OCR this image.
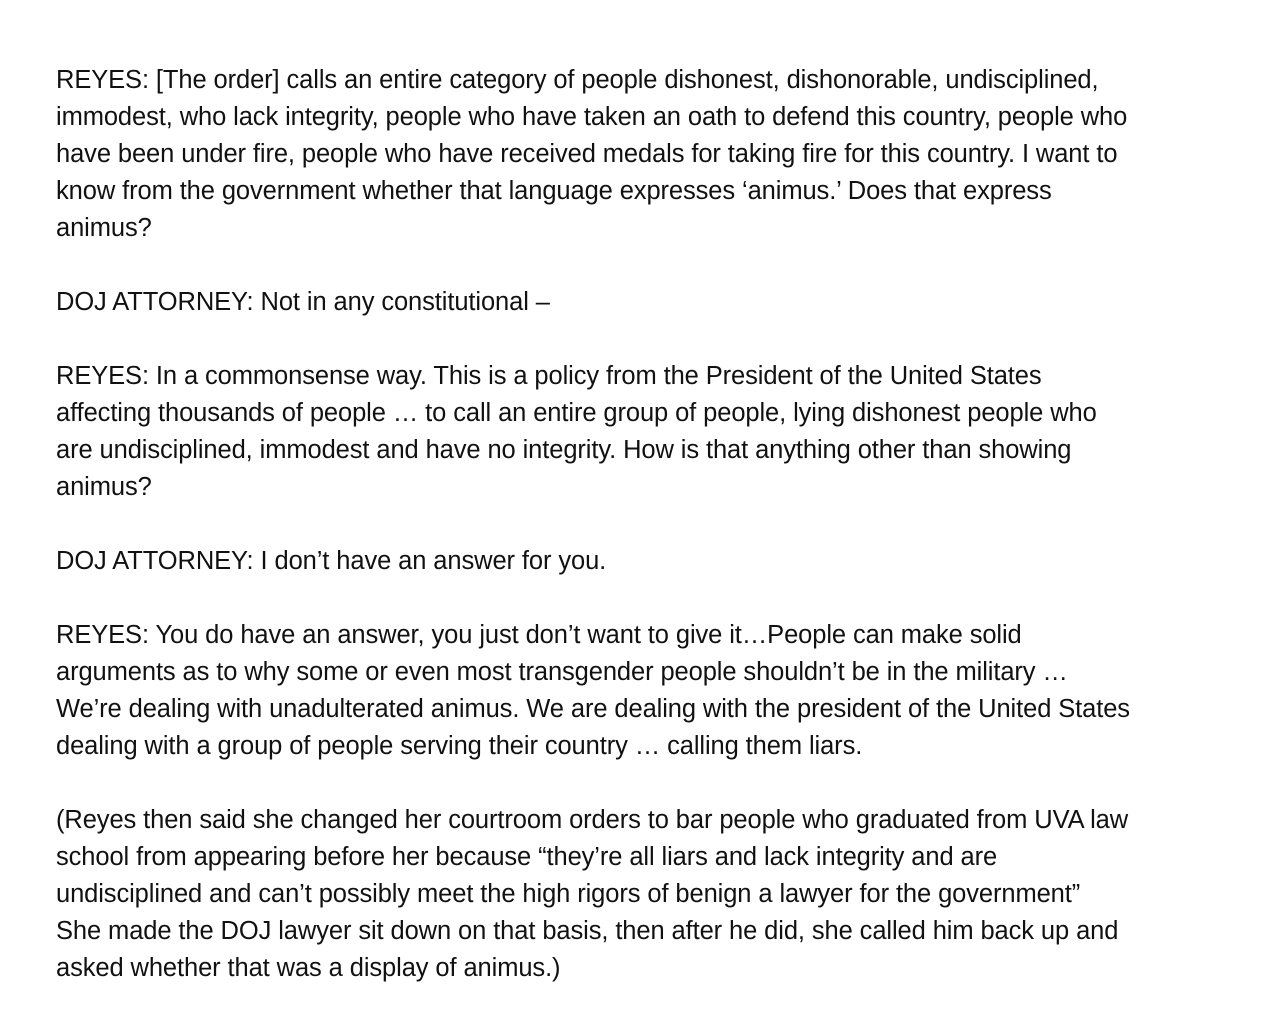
REYES: [The order] calls an entire category of people dishonest, dishonorable, undisciplined,
immodest, who lack integrity, people who have taken an oath to defend this country, people who
have been under fire, people who have received medals for taking fire for this country. I want to
know from the government whether that language expresses ‘animus.’ Does that express
animus?

DOJ ATTORNEY: Not in any constitutional –

REYES: In a commonsense way. This is a policy from the President of the United States
affecting thousands of people … to call an entire group of people, lying dishonest people who
are undisciplined, immodest and have no integrity. How is that anything other than showing
animus?

DOJ ATTORNEY: I don’t have an answer for you.

REYES: You do have an answer, you just don’t want to give it…People can make solid
arguments as to why some or even most transgender people shouldn’t be in the military …
We’re dealing with unadulterated animus. We are dealing with the president of the United States
dealing with a group of people serving their country … calling them liars.

(Reyes then said she changed her courtroom orders to bar people who graduated from UVA law
school from appearing before her because “they’re all liars and lack integrity and are
undisciplined and can’t possibly meet the high rigors of benign a lawyer for the government”
She made the DOJ lawyer sit down on that basis, then after he did, she called him back up and
asked whether that was a display of animus.)
